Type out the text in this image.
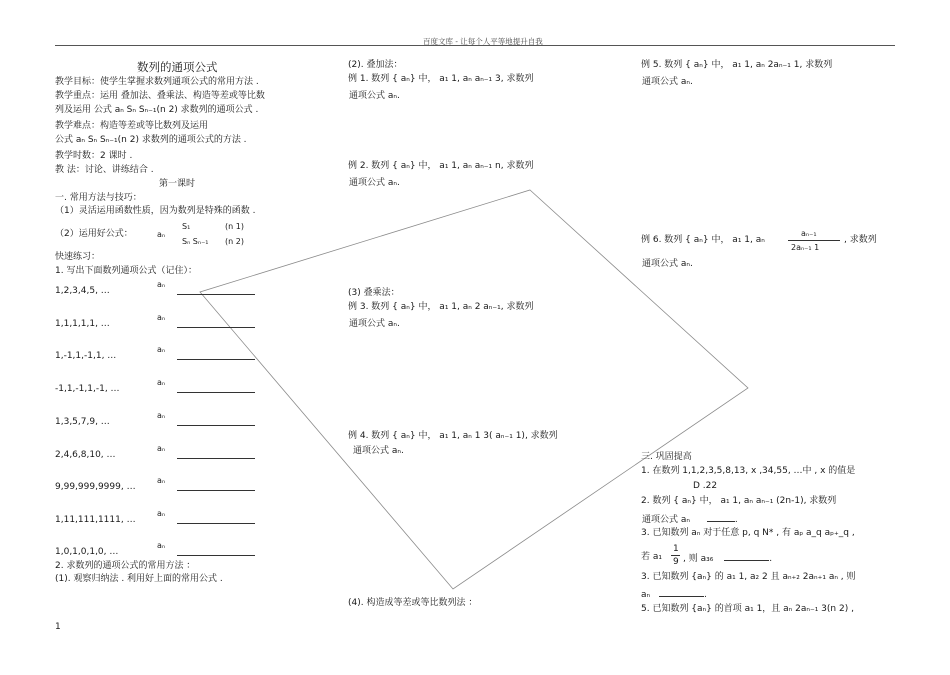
百度文库 - 让每个人平等地提升自我
数列的通项公式
教学目标：使学生掌握求数列通项公式的常用方法 .
教学重点：运用 叠加法、叠乘法、构造等差或等比数
列及运用 公式 aₙ Sₙ Sₙ₋₁(n 2) 求数列的通项公式 .
教学难点：构造等差或等比数列及运用
公式 aₙ Sₙ Sₙ₋₁(n 2) 求数列的通项公式的方法 .
教学时数：2 课时 .
教 法：讨论、讲练结合 .
第一课时
一. 常用方法与技巧：
（1）灵活运用函数性质，因为数列是特殊的函数 .
（2）运用好公式：	aₙ
S₁	(n 1)
Sₙ Sₙ₋₁ (n 2)
快速练习：
1. 写出下面数列通项公式（记住）：
1,2,3,4,5, …
aₙ
1,1,1,1,1, …
aₙ
1,-1,1,-1,1, …
aₙ
-1,1,-1,1,-1, …
aₙ
1,3,5,7,9, …
aₙ
2,4,6,8,10, …
aₙ
9,99,999,9999, …
aₙ
1,11,111,1111, …
aₙ
1,0,1,0,1,0, …
aₙ
2. 求数列的通项公式的常用方法 ：
(1). 观察归纳法 . 利用好上面的常用公式 .
1
(2). 叠加法：
例 1. 数列 { aₙ} 中， a₁ 1, aₙ aₙ₋₁ 3, 求数列
通项公式 aₙ.
例 2. 数列 { aₙ} 中， a₁ 1, aₙ aₙ₋₁ n, 求数列
通项公式 aₙ.
(3) 叠乘法：
例 3. 数列 { aₙ} 中， a₁ 1, aₙ 2 aₙ₋₁, 求数列
通项公式 aₙ.
例 4. 数列 { aₙ} 中， a₁ 1, aₙ 1 3( aₙ₋₁ 1), 求数列
通项公式 aₙ.
(4). 构造成等差或等比数列法 ：
例 5. 数列 { aₙ} 中， a₁ 1, aₙ 2aₙ₋₁ 1, 求数列
通项公式 aₙ.
例 6. 数列 { aₙ} 中， a₁ 1, aₙ
aₙ₋₁
2aₙ₋₁ 1
, 求数列
通项公式 aₙ.
三. 巩固提高
1. 在数列 1,1,2,3,5,8,13, x ,34,55, …中 , x 的值是
D .22
2. 数列 { aₙ} 中， a₁ 1, aₙ aₙ₋₁ (2n-1), 求数列
通项公式 aₙ	.
3. 已知数列 aₙ 对于任意 p, q N* , 有 aₚ a_q aₚ₊_q ,
若 a₁
1
9 , 则 a₃₆	.
3. 已知数列 {aₙ} 的 a₁ 1, a₂ 2 且 aₙ₊₂ 2aₙ₊₁ aₙ , 则
aₙ	.
5. 已知数列 {aₙ} 的首项 a₁ 1，且 aₙ 2aₙ₋₁ 3(n 2) ,
